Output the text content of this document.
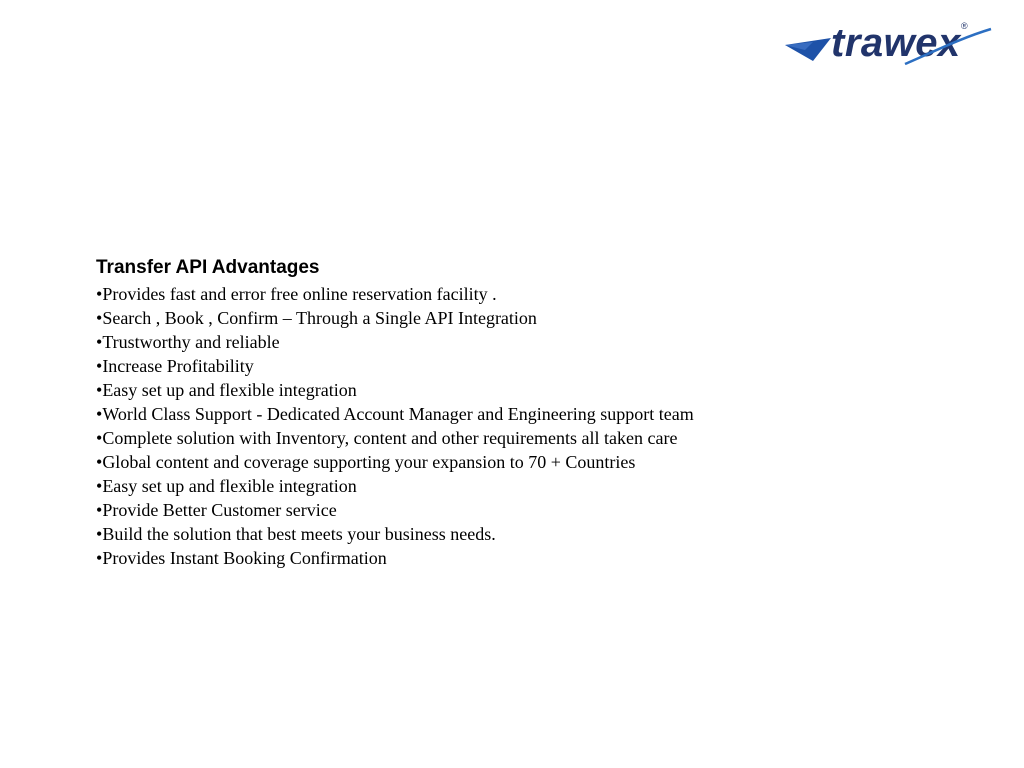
trawex ®
Transfer API Advantages
•Provides fast and error free online reservation facility .
•Search , Book , Confirm – Through a Single API Integration
•Trustworthy and reliable
•Increase Profitability
•Easy set up and flexible integration
•World Class Support - Dedicated Account Manager and Engineering support team
•Complete solution with Inventory, content and other requirements all taken care
•Global content and coverage supporting your expansion to 70 + Countries
•Easy set up and flexible integration
•Provide Better Customer service
•Build the solution that best meets your business needs.
•Provides Instant Booking Confirmation
